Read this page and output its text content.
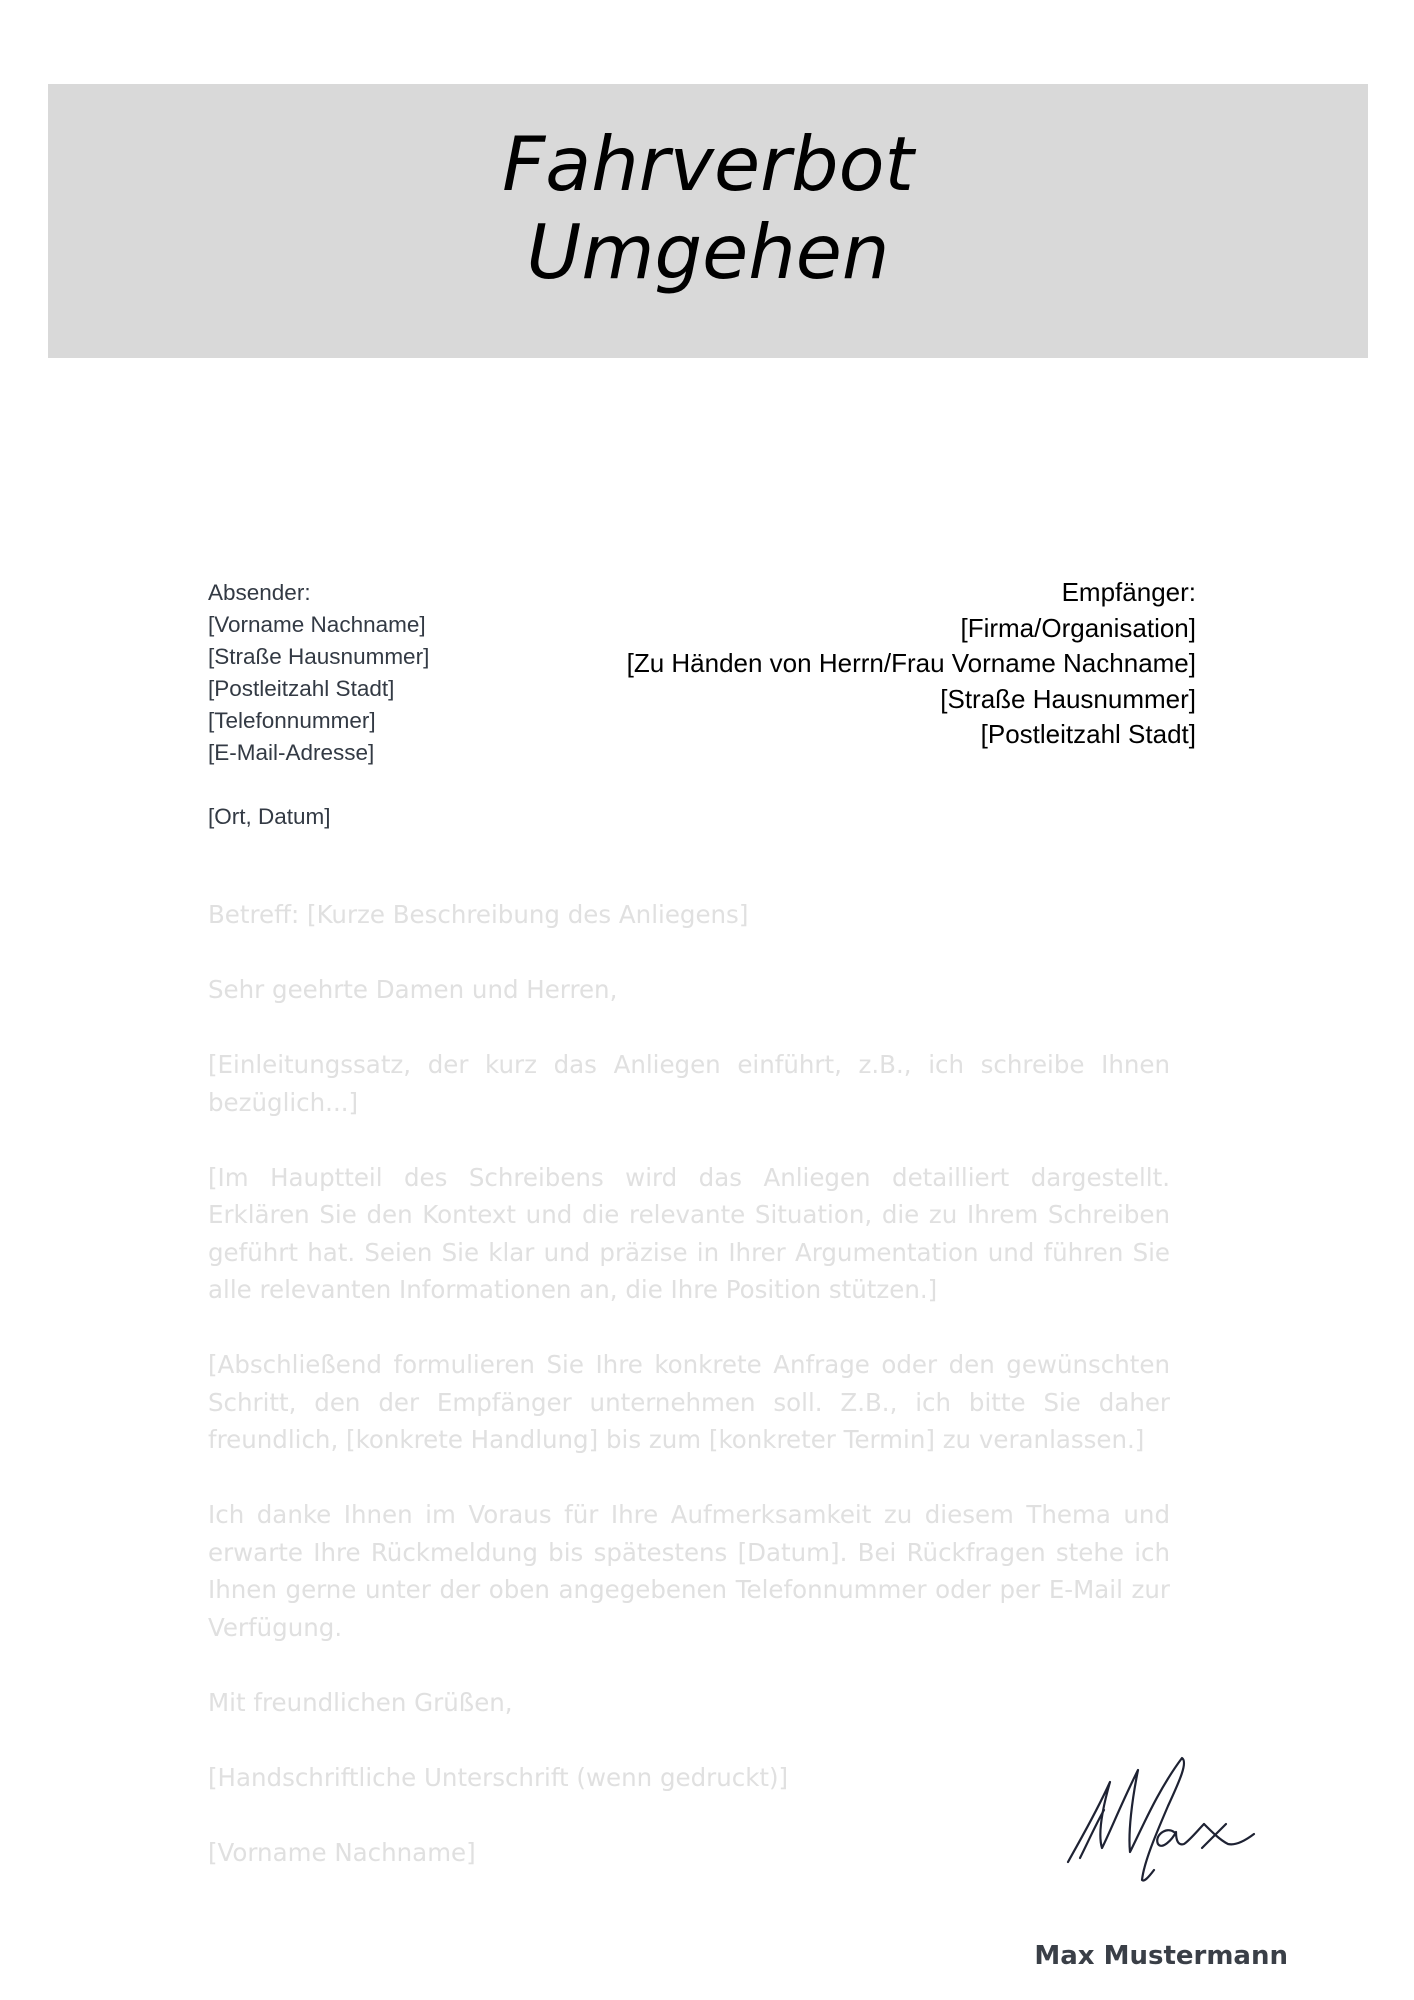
Fahrverbot
Umgehen
Absender:
[Vorname Nachname]
[Straße Hausnummer]
[Postleitzahl Stadt]
[Telefonnummer]
[E-Mail-Adresse]
[Ort, Datum]
Empfänger:
[Firma/Organisation]
[Zu Händen von Herrn/Frau Vorname Nachname]
[Straße Hausnummer]
[Postleitzahl Stadt]

Betreff: [Kurze Beschreibung des Anliegens]

Sehr geehrte Damen und Herren,

[Einleitungssatz, der kurz das Anliegen einführt, z.B., ich schreibe Ihnen bezüglich...]

[Im Hauptteil des Schreibens wird das Anliegen detailliert dargestellt. Erklären Sie den Kontext und die relevante Situation, die zu Ihrem Schreiben geführt hat. Seien Sie klar und präzise in Ihrer Argumentation und führen Sie alle relevanten Informationen an, die Ihre Position stützen.]

[Abschließend formulieren Sie Ihre konkrete Anfrage oder den gewünschten Schritt, den der Empfänger unternehmen soll. Z.B., ich bitte Sie daher freundlich, [konkrete Handlung] bis zum [konkreter Termin] zu veranlassen.]

Ich danke Ihnen im Voraus für Ihre Aufmerksamkeit zu diesem Thema und erwarte Ihre Rückmeldung bis spätestens [Datum]. Bei Rückfragen stehe ich Ihnen gerne unter der oben angegebenen Telefonnummer oder per E-Mail zur Verfügung.

Mit freundlichen Grüßen,

[Handschriftliche Unterschrift (wenn gedruckt)]

[Vorname Nachname]

Max Mustermann
